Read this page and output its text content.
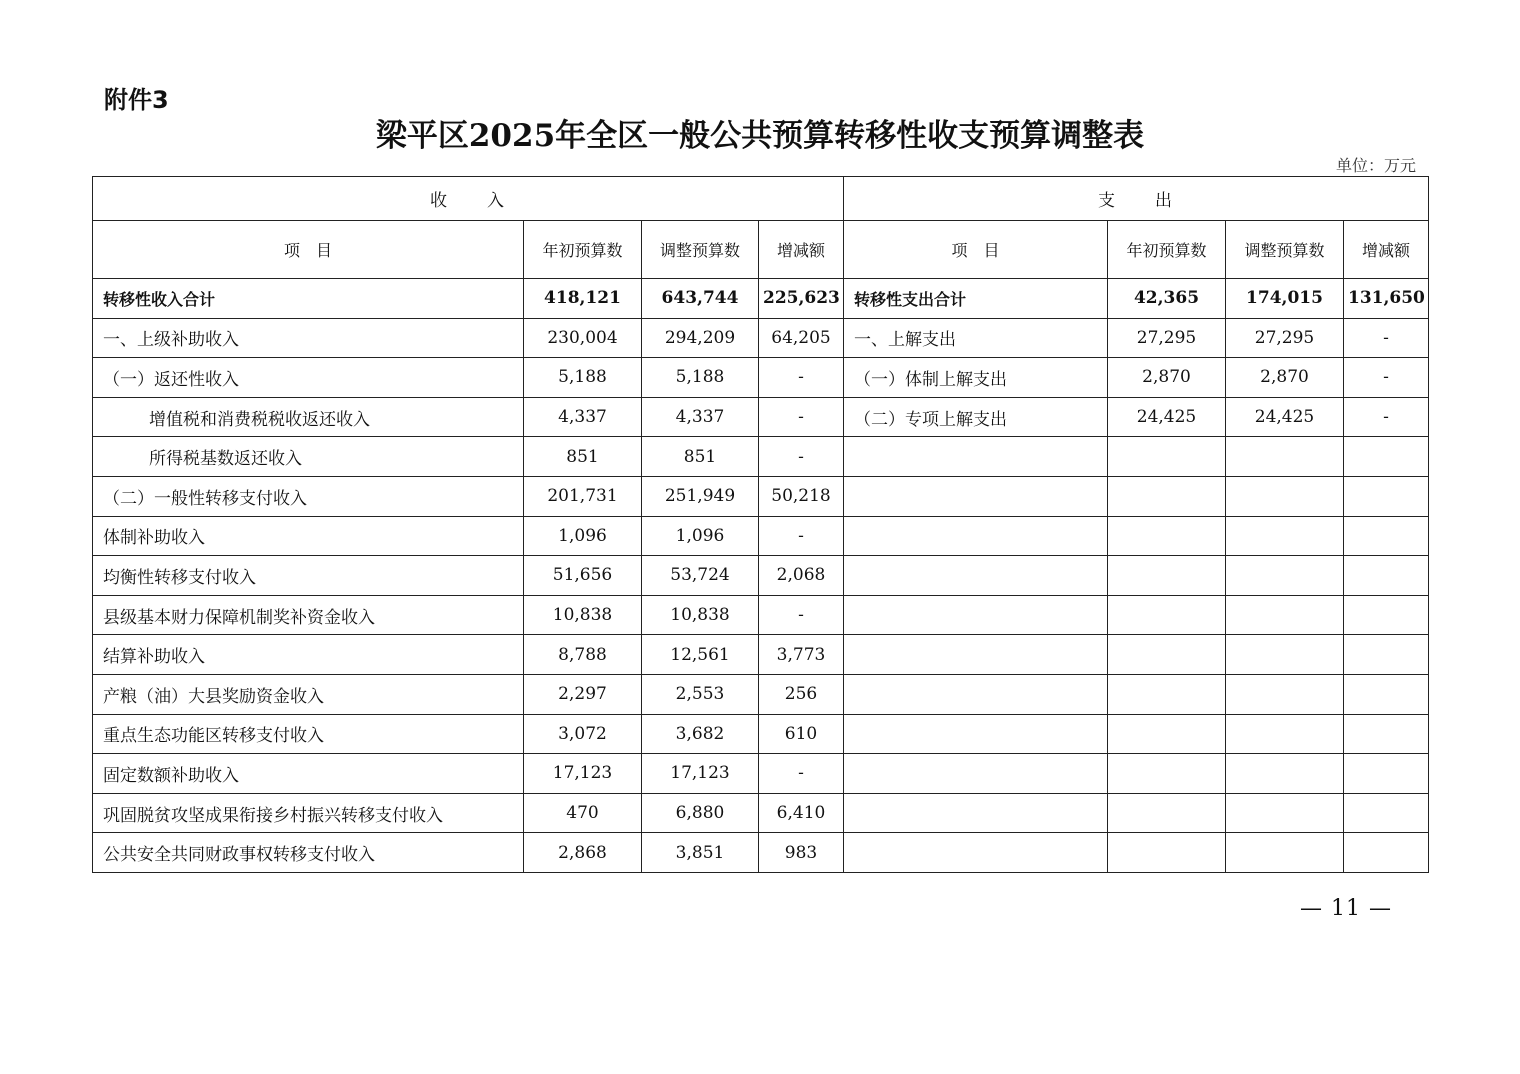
附件3
梁平区2025年全区一般公共预算转移性收支预算调整表
单位：万元
收　　入				支　　出			
项　目	年初预算数	调整预算数	增减额	项　目	年初预算数	调整预算数	增减额
转移性收入合计	418,121	643,744	225,623	转移性支出合计	42,365	174,015	131,650
一、上级补助收入	230,004	294,209	64,205	一、上解支出	27,295	27,295	-
（一）返还性收入	5,188	5,188	-	（一）体制上解支出	2,870	2,870	-
增值税和消费税税收返还收入	4,337	4,337	-	（二）专项上解支出	24,425	24,425	-
所得税基数返还收入	851	851	-				
（二）一般性转移支付收入	201,731	251,949	50,218				
体制补助收入	1,096	1,096	-				
均衡性转移支付收入	51,656	53,724	2,068				
县级基本财力保障机制奖补资金收入	10,838	10,838	-				
结算补助收入	8,788	12,561	3,773				
产粮（油）大县奖励资金收入	2,297	2,553	256				
重点生态功能区转移支付收入	3,072	3,682	610				
固定数额补助收入	17,123	17,123	-				
巩固脱贫攻坚成果衔接乡村振兴转移支付收入	470	6,880	6,410				
公共安全共同财政事权转移支付收入	2,868	3,851	983				
— 11 —
